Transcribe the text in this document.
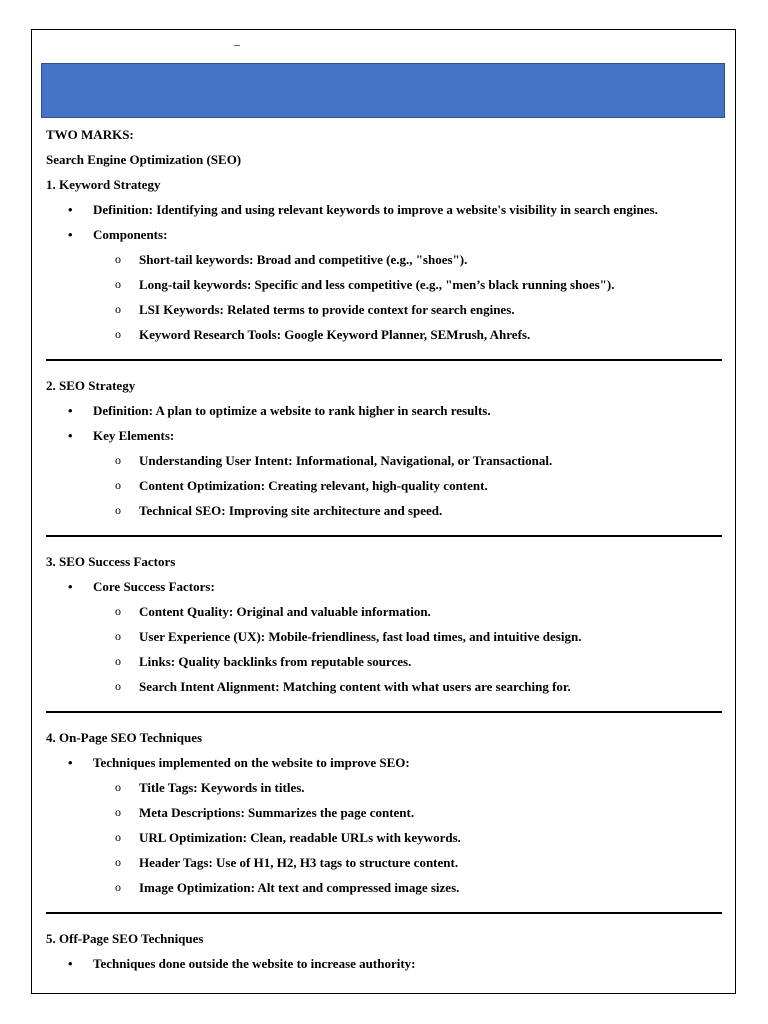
–
TWO MARKS:
Search Engine Optimization (SEO)
1. Keyword Strategy
• Definition: Identifying and using relevant keywords to improve a website's visibility in search engines.
• Components:
o Short-tail keywords: Broad and competitive (e.g., "shoes").
o Long-tail keywords: Specific and less competitive (e.g., "men’s black running shoes").
o LSI Keywords: Related terms to provide context for search engines.
o Keyword Research Tools: Google Keyword Planner, SEMrush, Ahrefs.
2. SEO Strategy
• Definition: A plan to optimize a website to rank higher in search results.
• Key Elements:
o Understanding User Intent: Informational, Navigational, or Transactional.
o Content Optimization: Creating relevant, high-quality content.
o Technical SEO: Improving site architecture and speed.
3. SEO Success Factors
• Core Success Factors:
o Content Quality: Original and valuable information.
o User Experience (UX): Mobile-friendliness, fast load times, and intuitive design.
o Links: Quality backlinks from reputable sources.
o Search Intent Alignment: Matching content with what users are searching for.
4. On-Page SEO Techniques
• Techniques implemented on the website to improve SEO:
o Title Tags: Keywords in titles.
o Meta Descriptions: Summarizes the page content.
o URL Optimization: Clean, readable URLs with keywords.
o Header Tags: Use of H1, H2, H3 tags to structure content.
o Image Optimization: Alt text and compressed image sizes.
5. Off-Page SEO Techniques
• Techniques done outside the website to increase authority:
